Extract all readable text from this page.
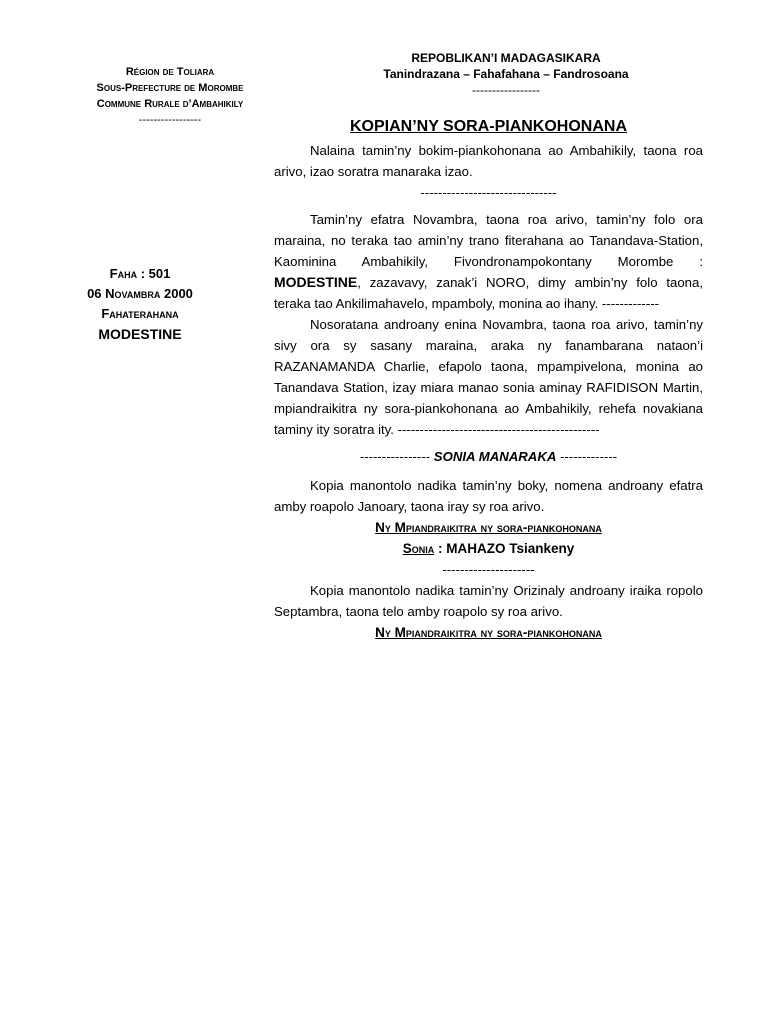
Région de Toliara
Sous-Prefecture de Morombe
Commune Rurale d’Ambahikily
-----------------
Faha : 501
06 Novambra 2000
Fahaterahana
MODESTINE
REPOBLIKAN’I MADAGASIKARA
Tanindrazana – Fahafahana – Fandrosoana
-----------------
KOPIAN’NY SORA-PIANKOHONANA

Nalaina tamin’ny bokim-piankohonana ao Ambahikily, taona roa arivo, izao soratra manaraka izao.

-------------------------------

Tamin’ny efatra Novambra, taona roa arivo, tamin’ny folo ora maraina, no teraka tao amin’ny trano fiterahana ao Tanandava-Station, Kaominina Ambahikily, Fivondronampokontany Morombe : MODESTINE, zazavavy, zanak’i NORO, dimy ambin’ny folo taona, teraka tao Ankilimahavelo, mpamboly, monina ao ihany. -------------

Nosoratana androany enina Novambra, taona roa arivo, tamin’ny sivy ora sy sasany maraina, araka ny fanambarana nataon’i RAZANAMANDA Charlie, efapolo taona, mpampivelona, monina ao Tanandava Station, izay miara manao sonia aminay RAFIDISON Martin, mpiandraikitra ny sora-piankohonana ao Ambahikily, rehefa novakiana taminy ity soratra ity. ----------------------------------------------

---------------- SONIA MANARAKA -------------

Kopia manontolo nadika tamin’ny boky, nomena androany efatra amby roapolo Janoary, taona iray sy roa arivo.

Ny Mpiandraikitra ny sora-piankohonana

Sonia : MAHAZO Tsiankeny

---------------------

Kopia manontolo nadika tamin’ny Orizinaly androany iraika ropolo Septambra, taona telo amby roapolo sy roa arivo.

Ny Mpiandraikitra ny sora-piankohonana
